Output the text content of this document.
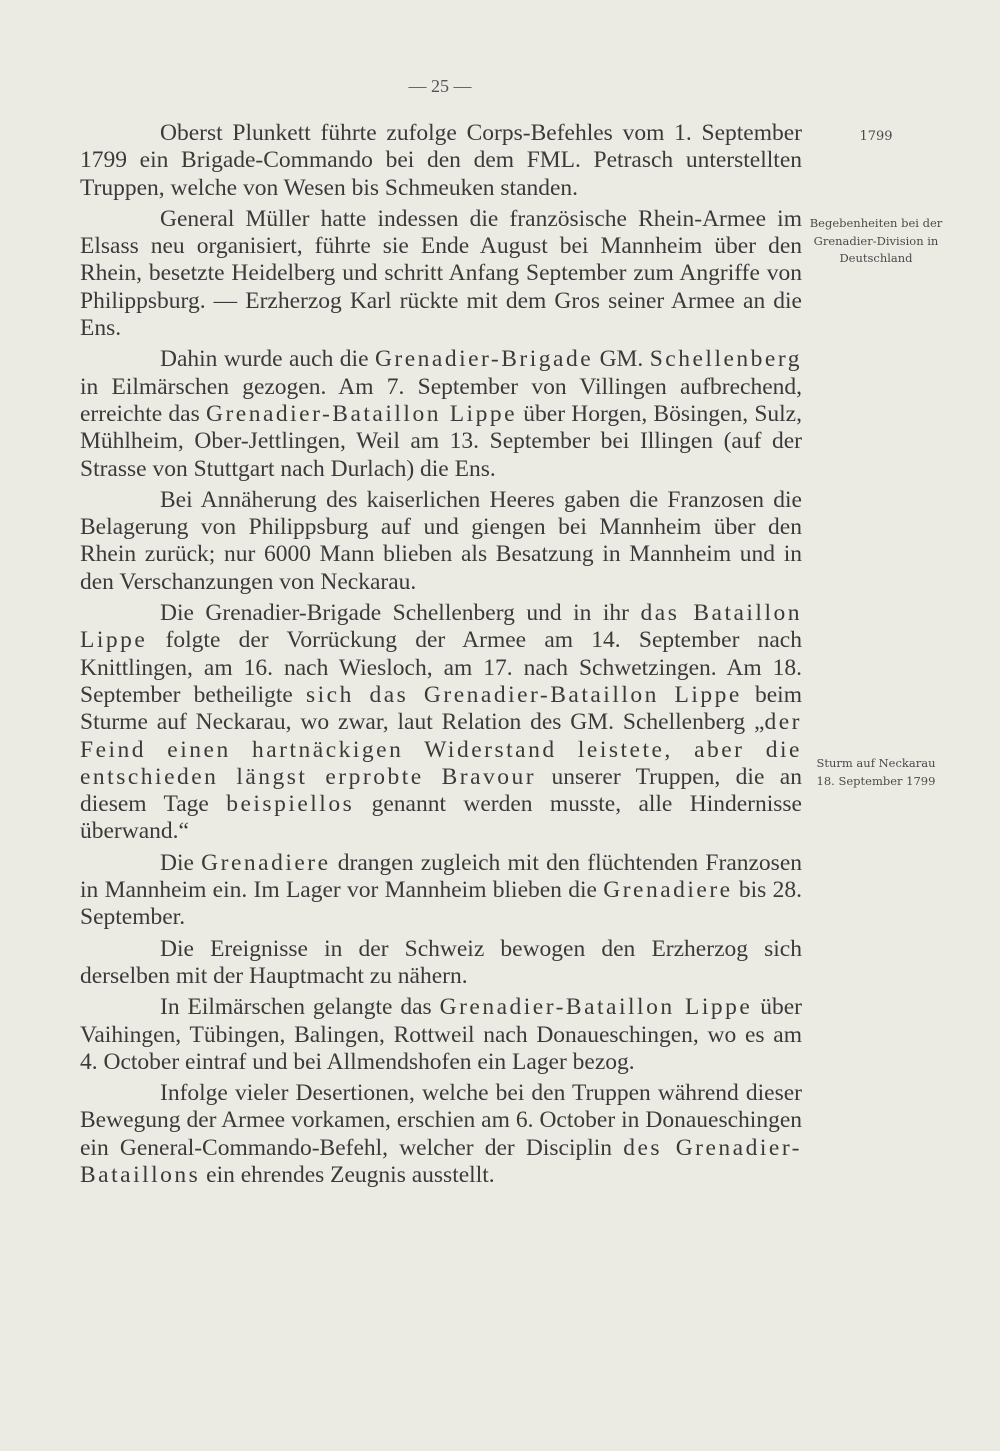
— 25 —
1799
Begebenheiten bei der Grenadier-Division in Deutschland
Sturm auf Neckarau 18. September 1799

Oberst Plunkett führte zufolge Corps-Befehles vom 1. September 1799 ein Brigade-Commando bei den dem FML. Petrasch unterstellten Truppen, welche von Wesen bis Schmeuken standen.

General Müller hatte indessen die französische Rhein-Armee im Elsass neu organisiert, führte sie Ende August bei Mannheim über den Rhein, besetzte Heidelberg und schritt Anfang September zum Angriffe von Philippsburg. — Erzherzog Karl rückte mit dem Gros seiner Armee an die Ens.

Dahin wurde auch die Grenadier-Brigade GM. Schellenberg in Eilmärschen gezogen. Am 7. September von Villingen aufbrechend, erreichte das Grenadier-Bataillon Lippe über Horgen, Bösingen, Sulz, Mühlheim, Ober-Jettlingen, Weil am 13. September bei Illingen (auf der Strasse von Stuttgart nach Durlach) die Ens.

Bei Annäherung des kaiserlichen Heeres gaben die Franzosen die Belagerung von Philippsburg auf und giengen bei Mannheim über den Rhein zurück; nur 6000 Mann blieben als Besatzung in Mannheim und in den Verschanzungen von Neckarau.

Die Grenadier-Brigade Schellenberg und in ihr das Bataillon Lippe folgte der Vorrückung der Armee am 14. September nach Knittlingen, am 16. nach Wiesloch, am 17. nach Schwetzingen. Am 18. September betheiligte sich das Grenadier-Bataillon Lippe beim Sturme auf Neckarau, wo zwar, laut Relation des GM. Schellenberg „der Feind einen hartnäckigen Widerstand leistete, aber die entschieden längst erprobte Bravour unserer Truppen, die an diesem Tage beispiellos genannt werden musste, alle Hindernisse überwand.“

Die Grenadiere drangen zugleich mit den flüchtenden Franzosen in Mannheim ein. Im Lager vor Mannheim blieben die Grenadiere bis 28. September.

Die Ereignisse in der Schweiz bewogen den Erzherzog sich derselben mit der Hauptmacht zu nähern.

In Eilmärschen gelangte das Grenadier-Bataillon Lippe über Vaihingen, Tübingen, Balingen, Rottweil nach Donaueschingen, wo es am 4. October eintraf und bei Allmendshofen ein Lager bezog.

Infolge vieler Desertionen, welche bei den Truppen während dieser Bewegung der Armee vorkamen, erschien am 6. October in Donaueschingen ein General-Commando-Befehl, welcher der Disciplin des Grenadier-Bataillons ein ehrendes Zeugnis ausstellt.
